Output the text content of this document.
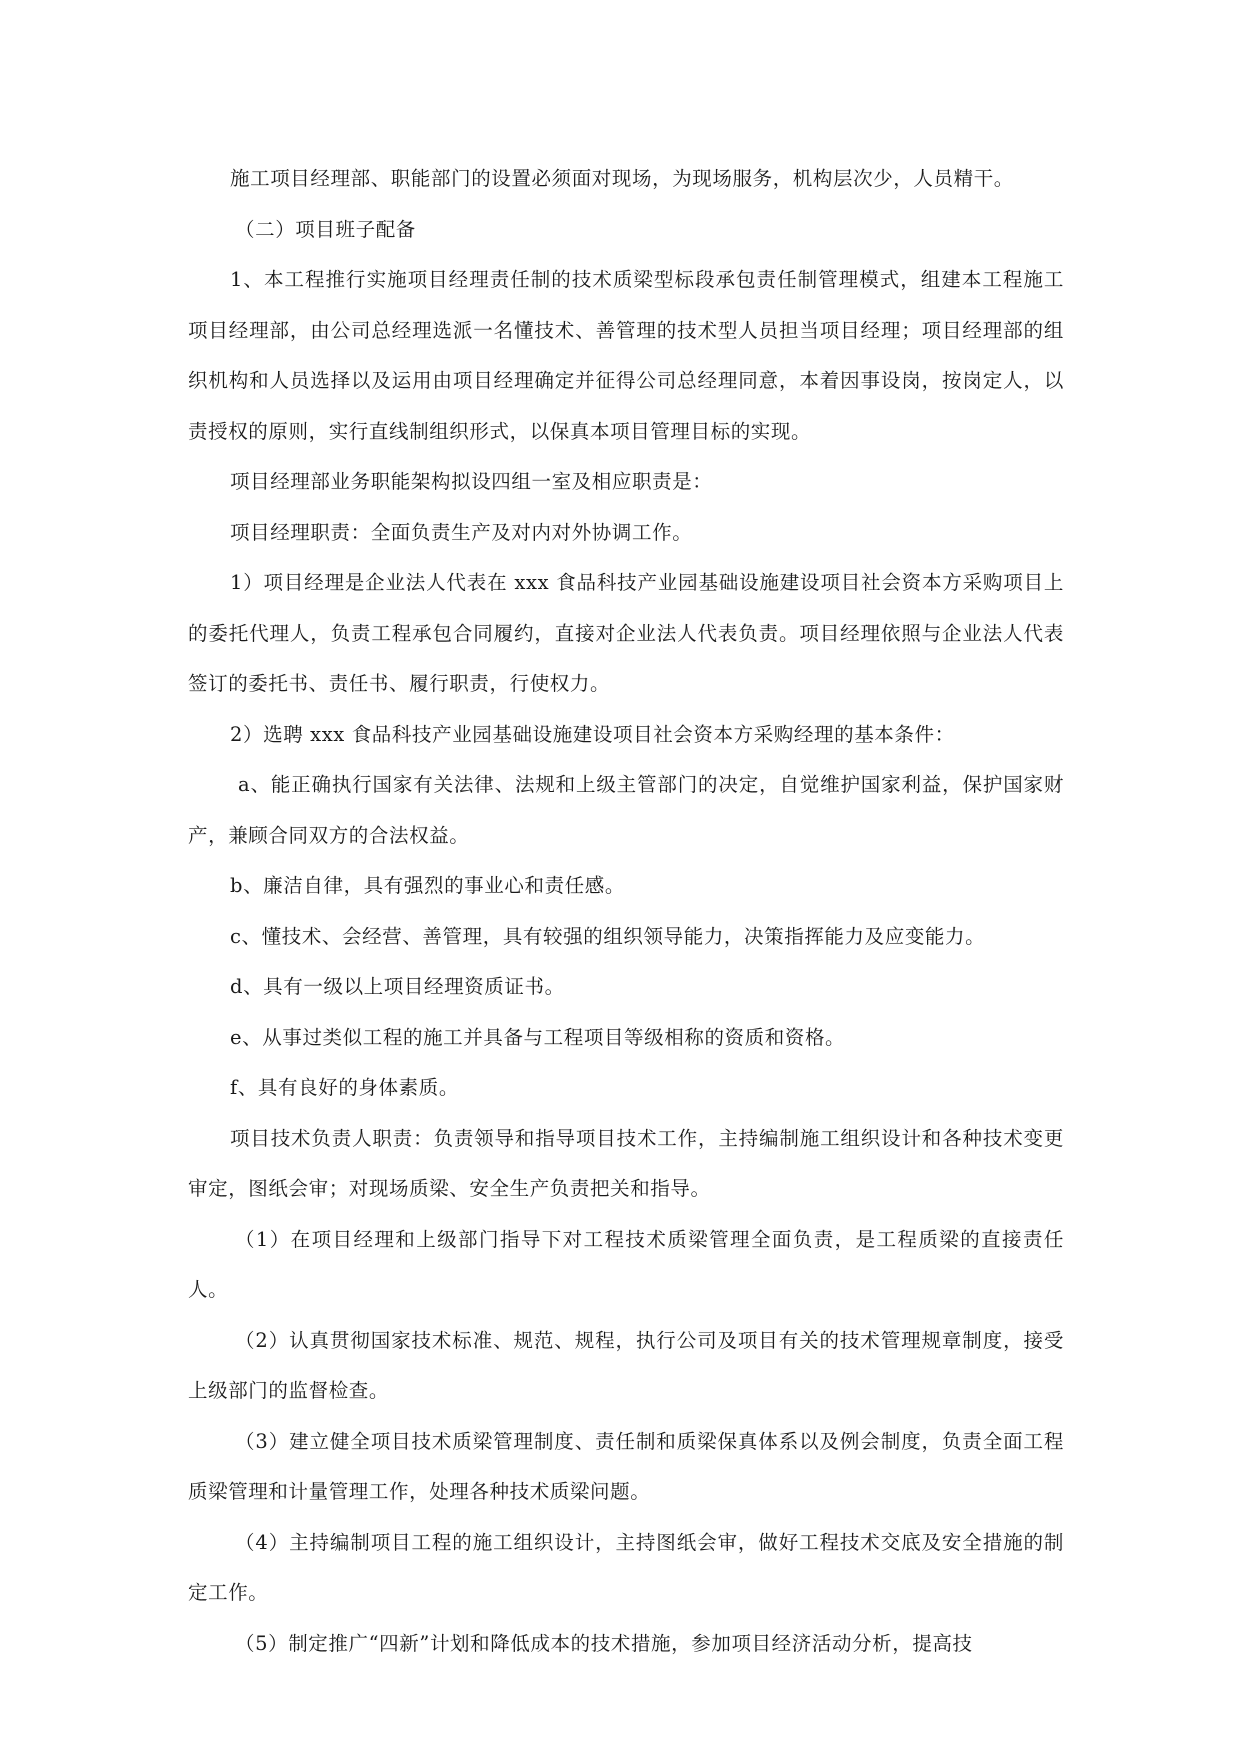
施工项目经理部、职能部门的设置必须面对现场，为现场服务，机构层次少，人员精干。

（二）项目班子配备

1、本工程推行实施项目经理责任制的技术质梁型标段承包责任制管理模式，组建本工程施工项目经理部，由公司总经理选派一名懂技术、善管理的技术型人员担当项目经理；项目经理部的组织机构和人员选择以及运用由项目经理确定并征得公司总经理同意，本着因事设岗，按岗定人，以责授权的原则，实行直线制组织形式，以保真本项目管理目标的实现。

项目经理部业务职能架构拟设四组一室及相应职责是：

项目经理职责：全面负责生产及对内对外协调工作。

1）项目经理是企业法人代表在 xxx 食品科技产业园基础设施建设项目社会资本方采购项目上的委托代理人，负责工程承包合同履约，直接对企业法人代表负责。项目经理依照与企业法人代表签订的委托书、责任书、履行职责，行使权力。

2）选聘 xxx 食品科技产业园基础设施建设项目社会资本方采购经理的基本条件：

a、能正确执行国家有关法律、法规和上级主管部门的决定，自觉维护国家利益，保护国家财产，兼顾合同双方的合法权益。

b、廉洁自律，具有强烈的事业心和责任感。

c、懂技术、会经营、善管理，具有较强的组织领导能力，决策指挥能力及应变能力。

d、具有一级以上项目经理资质证书。

e、从事过类似工程的施工并具备与工程项目等级相称的资质和资格。

f、具有良好的身体素质。

项目技术负责人职责：负责领导和指导项目技术工作，主持编制施工组织设计和各种技术变更审定，图纸会审；对现场质梁、安全生产负责把关和指导。

（1）在项目经理和上级部门指导下对工程技术质梁管理全面负责，是工程质梁的直接责任人。

（2）认真贯彻国家技术标准、规范、规程，执行公司及项目有关的技术管理规章制度，接受上级部门的监督检查。

（3）建立健全项目技术质梁管理制度、责任制和质梁保真体系以及例会制度，负责全面工程质梁管理和计量管理工作，处理各种技术质梁问题。

（4）主持编制项目工程的施工组织设计，主持图纸会审，做好工程技术交底及安全措施的制定工作。

（5）制定推广“四新”计划和降低成本的技术措施，参加项目经济活动分析，提高技
